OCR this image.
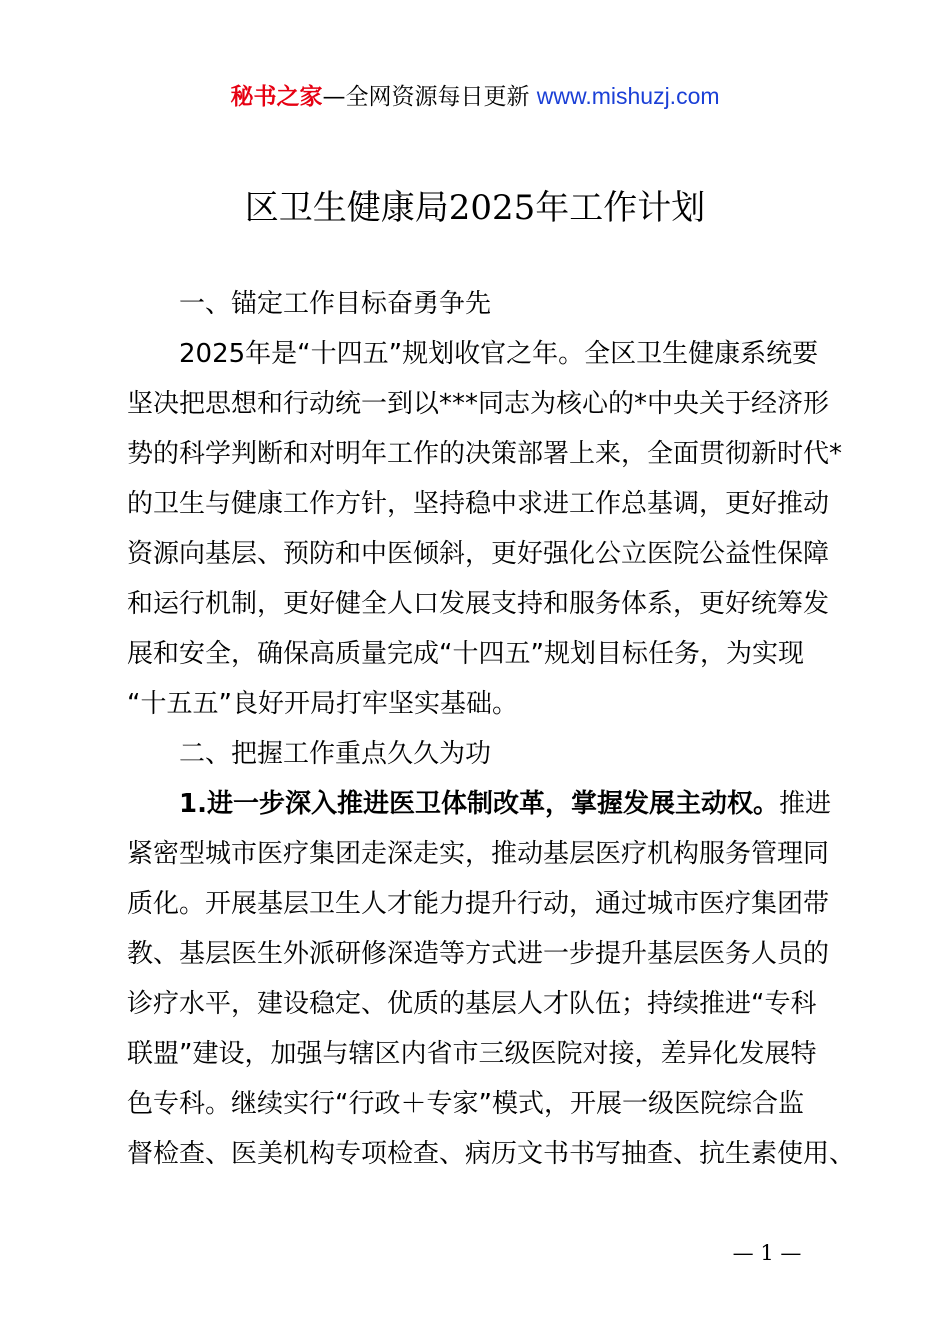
秘书之家—全网资源每日更新 www.mishuzj.com
区卫生健康局2025年工作计划

一、锚定工作目标奋勇争先

2025年是“十四五”规划收官之年。全区卫生健康系统要

坚决把思想和行动统一到以***同志为核心的*中央关于经济形

势的科学判断和对明年工作的决策部署上来，全面贯彻新时代*

的卫生与健康工作方针，坚持稳中求进工作总基调，更好推动

资源向基层、预防和中医倾斜，更好强化公立医院公益性保障

和运行机制，更好健全人口发展支持和服务体系，更好统筹发

展和安全，确保高质量完成“十四五”规划目标任务，为实现

“十五五”良好开局打牢坚实基础。

二、把握工作重点久久为功

1.进一步深入推进医卫体制改革，掌握发展主动权。推进

紧密型城市医疗集团走深走实，推动基层医疗机构服务管理同

质化。开展基层卫生人才能力提升行动，通过城市医疗集团带

教、基层医生外派研修深造等方式进一步提升基层医务人员的

诊疗水平，建设稳定、优质的基层人才队伍；持续推进“专科

联盟”建设，加强与辖区内省市三级医院对接，差异化发展特

色专科。继续实行“行政＋专家”模式，开展一级医院综合监

督检查、医美机构专项检查、病历文书书写抽查、抗生素使用、

— 1 —
